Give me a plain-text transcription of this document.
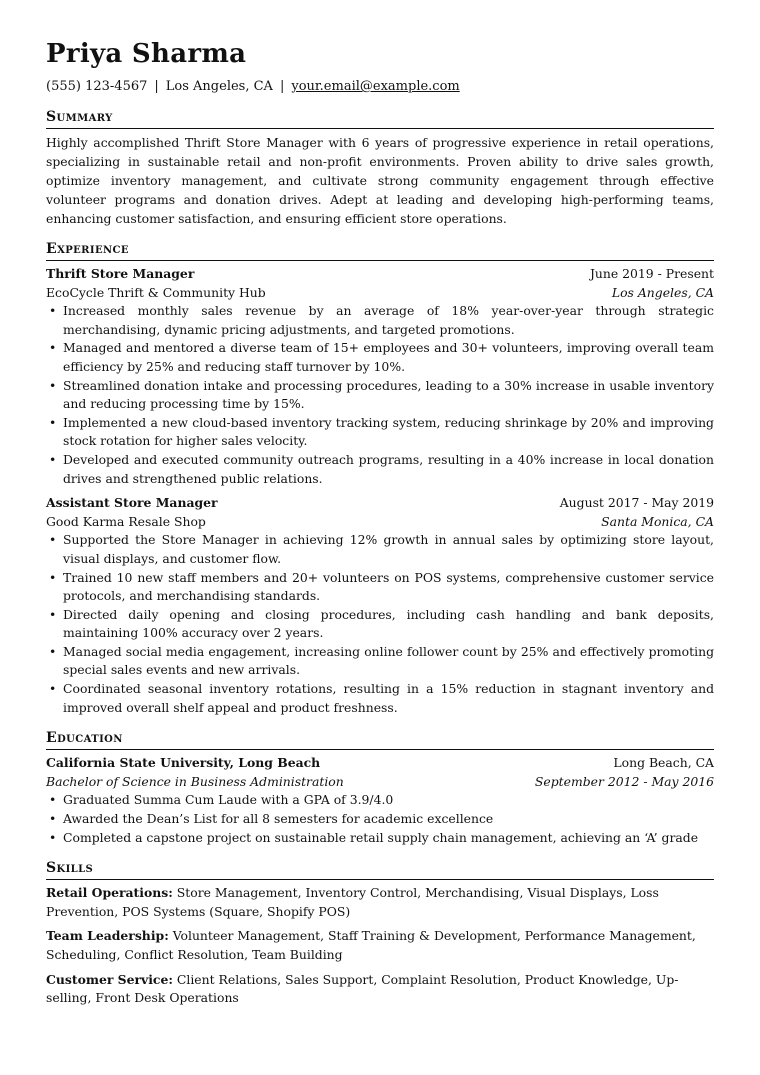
Priya Sharma
(555) 123-4567 | Los Angeles, CA | your.email@example.com
Summary
Highly accomplished Thrift Store Manager with 6 years of progressive experience in retail operations, specializing in sustainable retail and non-profit environments. Proven ability to drive sales growth, optimize inventory management, and cultivate strong community engagement through effective volunteer programs and donation drives. Adept at leading and developing high-performing teams, enhancing customer satisfaction, and ensuring efficient store operations.
Experience
Thrift Store Manager	June 2019 - Present
EcoCycle Thrift & Community Hub	Los Angeles, CA
• Increased monthly sales revenue by an average of 18% year-over-year through strategic merchandising, dynamic pricing adjustments, and targeted promotions.
• Managed and mentored a diverse team of 15+ employees and 30+ volunteers, improving overall team efficiency by 25% and reducing staff turnover by 10%.
• Streamlined donation intake and processing procedures, leading to a 30% increase in usable inventory and reducing processing time by 15%.
• Implemented a new cloud-based inventory tracking system, reducing shrinkage by 20% and improving stock rotation for higher sales velocity.
• Developed and executed community outreach programs, resulting in a 40% increase in local donation drives and strengthened public relations.
Assistant Store Manager	August 2017 - May 2019
Good Karma Resale Shop	Santa Monica, CA
• Supported the Store Manager in achieving 12% growth in annual sales by optimizing store layout, visual displays, and customer flow.
• Trained 10 new staff members and 20+ volunteers on POS systems, comprehensive customer service protocols, and merchandising standards.
• Directed daily opening and closing procedures, including cash handling and bank deposits, maintaining 100% accuracy over 2 years.
• Managed social media engagement, increasing online follower count by 25% and effectively promoting special sales events and new arrivals.
• Coordinated seasonal inventory rotations, resulting in a 15% reduction in stagnant inventory and improved overall shelf appeal and product freshness.
Education
California State University, Long Beach	Long Beach, CA
Bachelor of Science in Business Administration	September 2012 - May 2016
• Graduated Summa Cum Laude with a GPA of 3.9/4.0
• Awarded the Dean’s List for all 8 semesters for academic excellence
• Completed a capstone project on sustainable retail supply chain management, achieving an ‘A’ grade
Skills
Retail Operations: Store Management, Inventory Control, Merchandising, Visual Displays, Loss Prevention, POS Systems (Square, Shopify POS)
Team Leadership: Volunteer Management, Staff Training & Development, Performance Management, Scheduling, Conflict Resolution, Team Building
Customer Service: Client Relations, Sales Support, Complaint Resolution, Product Knowledge, Up-selling, Front Desk Operations
